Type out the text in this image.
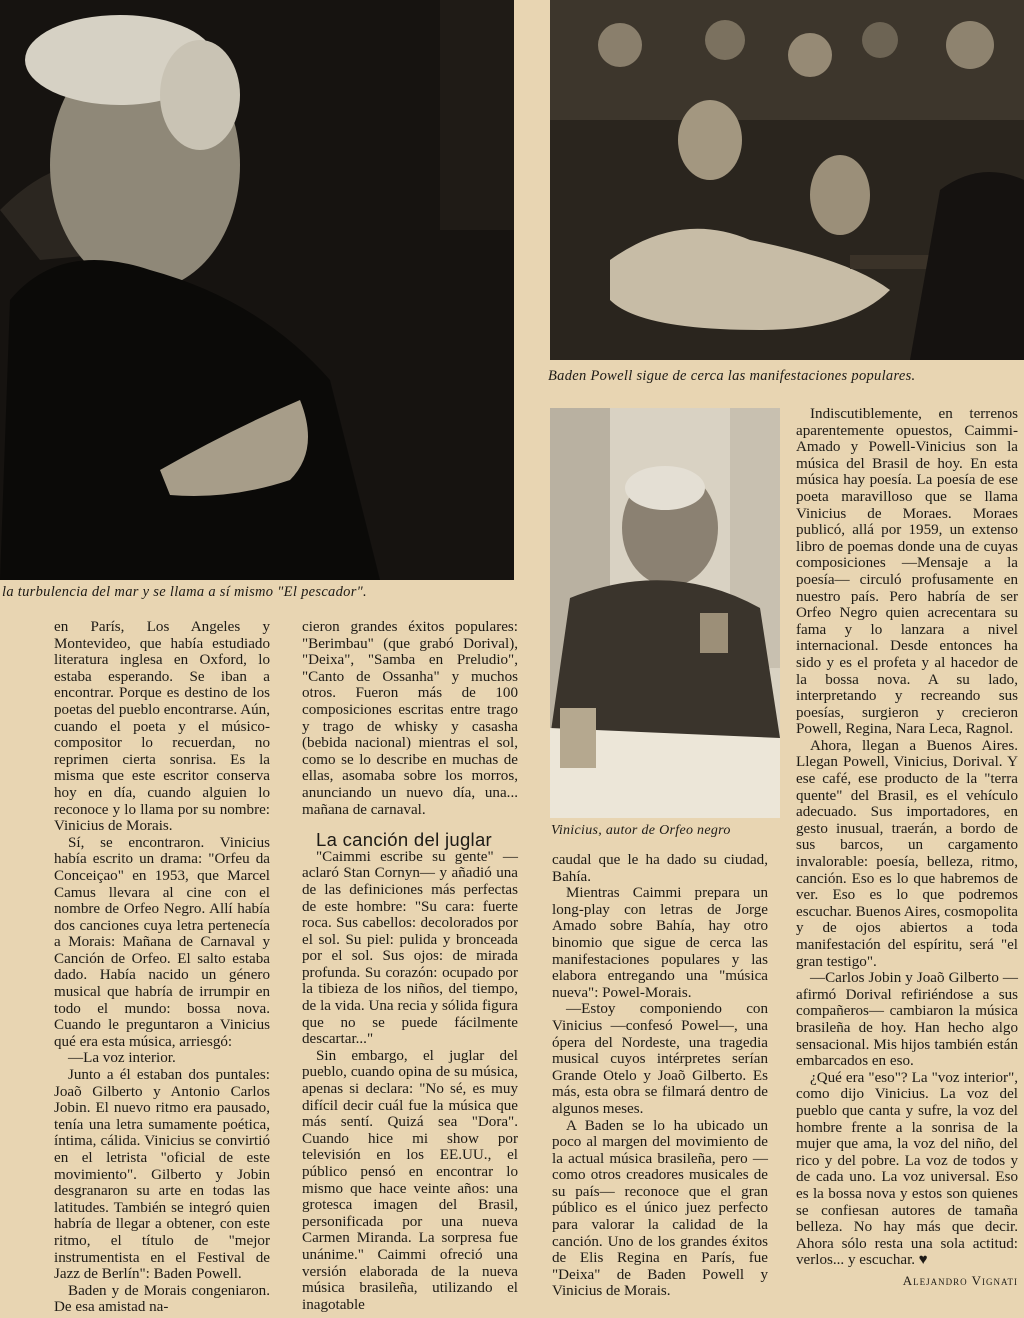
la turbulencia del mar y se llama a sí mismo "El pescador".
Baden Powell sigue de cerca las manifestaciones populares.
Vinicius, autor de Orfeo negro

en París, Los Angeles y Montevideo, que había estudiado literatura inglesa en Oxford, lo estaba esperando. Se iban a encontrar. Porque es destino de los poetas del pueblo encontrarse. Aún, cuando el poeta y el músico-compositor lo recuerdan, no reprimen cierta sonrisa. Es la misma que este escritor conserva hoy en día, cuando alguien lo reconoce y lo llama por su nombre: Vinicius de Morais.

Sí, se encontraron. Vinicius había escrito un drama: "Orfeu da Conceiçao" en 1953, que Marcel Camus llevara al cine con el nombre de Orfeo Negro. Allí había dos canciones cuya letra pertenecía a Morais: Mañana de Carnaval y Canción de Orfeo. El salto estaba dado. Había nacido un género musical que habría de irrumpir en todo el mundo: bossa nova. Cuando le preguntaron a Vinicius qué era esta música, arriesgó:

—La voz interior.

Junto a él estaban dos puntales: Joaõ Gilberto y Antonio Carlos Jobin. El nuevo ritmo era pausado, tenía una letra sumamente poética, íntima, cálida. Vinicius se convirtió en el letrista "oficial de este movimiento". Gilberto y Jobin desgranaron su arte en todas las latitudes. También se integró quien habría de llegar a obtener, con este ritmo, el título de "mejor instrumentista en el Festival de Jazz de Berlín": Baden Powell.

Baden y de Morais congeniaron. De esa amistad na-

cieron grandes éxitos populares: "Berimbau" (que grabó Dorival), "Deixa", "Samba en Preludio", "Canto de Ossanha" y muchos otros. Fueron más de 100 composiciones escritas entre trago y trago de whisky y casasha (bebida nacional) mientras el sol, como se lo describe en muchas de ellas, asomaba sobre los morros, anunciando un nuevo día, una... mañana de carnaval.

La canción del juglar

"Caimmi escribe su gente" —aclaró Stan Cornyn— y añadió una de las definiciones más perfectas de este hombre: "Su cara: fuerte roca. Sus cabellos: decolorados por el sol. Su piel: pulida y bronceada por el sol. Sus ojos: de mirada profunda. Su corazón: ocupado por la tibieza de los niños, del tiempo, de la vida. Una recia y sólida figura que no se puede fácilmente descartar..."

Sin embargo, el juglar del pueblo, cuando opina de su música, apenas si declara: "No sé, es muy difícil decir cuál fue la música que más sentí. Quizá sea "Dora". Cuando hice mi show por televisión en los EE.UU., el público pensó en encontrar lo mismo que hace veinte años: una grotesca imagen del Brasil, personificada por una nueva Carmen Miranda. La sorpresa fue unánime." Caimmi ofreció una versión elaborada de la nueva música brasileña, utilizando el inagotable

caudal que le ha dado su ciudad, Bahía.

Mientras Caimmi prepara un long-play con letras de Jorge Amado sobre Bahía, hay otro binomio que sigue de cerca las manifestaciones populares y las elabora entregando una "música nueva": Powel-Morais.

—Estoy componiendo con Vinicius —confesó Powel—, una ópera del Nordeste, una tragedia musical cuyos intérpretes serían Grande Otelo y Joaõ Gilberto. Es más, esta obra se filmará dentro de algunos meses.

A Baden se lo ha ubicado un poco al margen del movimiento de la actual música brasileña, pero —como otros creadores musicales de su país— reconoce que el gran público es el único juez perfecto para valorar la calidad de la canción. Uno de los grandes éxitos de Elis Regina en París, fue "Deixa" de Baden Powell y Vinicius de Morais.

Indiscutiblemente, en terrenos aparentemente opuestos, Caimmi-Amado y Powell-Vinicius son la música del Brasil de hoy. En esta música hay poesía. La poesía de ese poeta maravilloso que se llama Vinicius de Moraes. Moraes publicó, allá por 1959, un extenso libro de poemas donde una de cuyas composiciones —Mensaje a la poesía— circuló profusamente en nuestro país. Pero habría de ser Orfeo Negro quien acrecentara su fama y lo lanzara a nivel internacional. Desde entonces ha sido y es el profeta y al hacedor de la bossa nova. A su lado, interpretando y recreando sus poesías, surgieron y crecieron Powell, Regina, Nara Leca, Ragnol.

Ahora, llegan a Buenos Aires. Llegan Powell, Vinicius, Dorival. Y ese café, ese producto de la "terra quente" del Brasil, es el vehículo adecuado. Sus importadores, en gesto inusual, traerán, a bordo de sus barcos, un cargamento invalorable: poesía, belleza, ritmo, canción. Eso es lo que habremos de ver. Eso es lo que podremos escuchar. Buenos Aires, cosmopolita y de ojos abiertos a toda manifestación del espíritu, será "el gran testigo".

—Carlos Jobin y Joaõ Gilberto —afirmó Dorival refiriéndose a sus compañeros— cambiaron la música brasileña de hoy. Han hecho algo sensacional. Mis hijos también están embarcados en eso.

¿Qué era "eso"? La "voz interior", como dijo Vinicius. La voz del pueblo que canta y sufre, la voz del hombre frente a la sonrisa de la mujer que ama, la voz del niño, del rico y del pobre. La voz de todos y de cada uno. La voz universal. Eso es la bossa nova y estos son quienes se confiesan autores de tamaña belleza. No hay más que decir. Ahora sólo resta una sola actitud: verlos... y escuchar. ♥

Alejandro Vignati
